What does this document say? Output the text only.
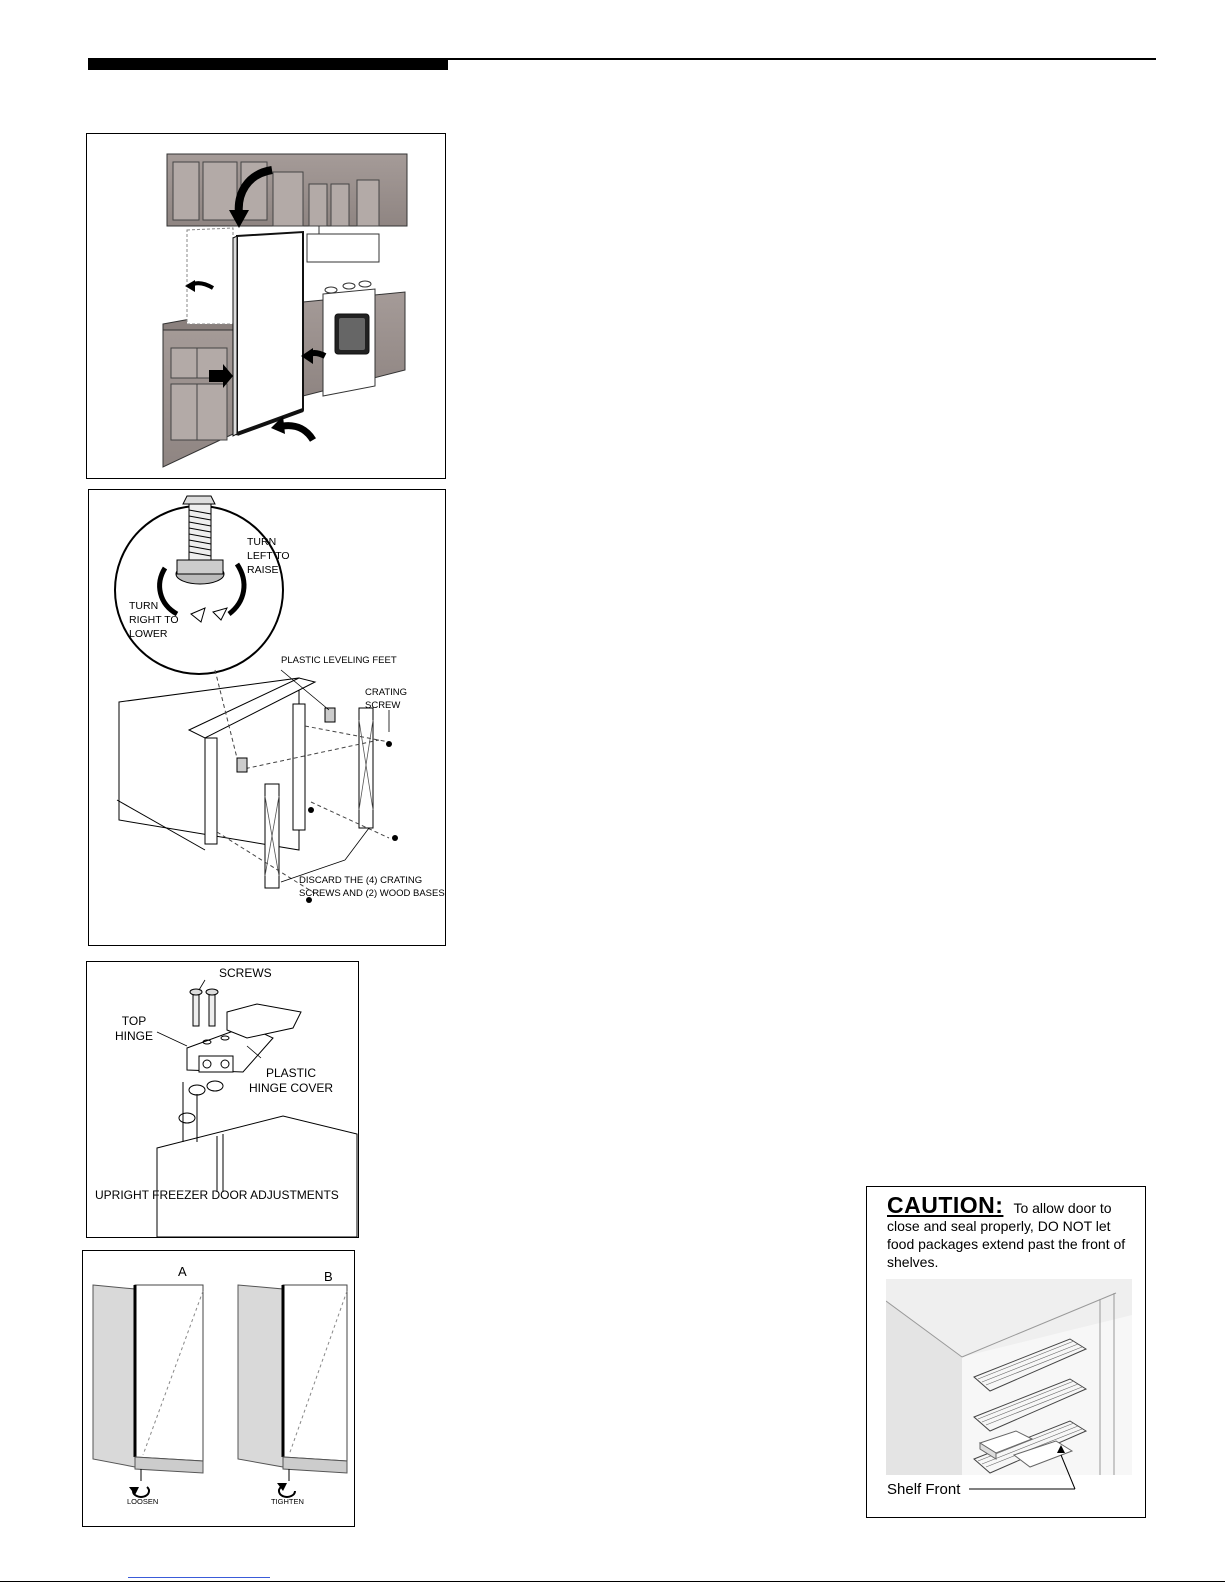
TURN
LEFT TO
RAISE
TURN
RIGHT TO
LOWER
PLASTIC LEVELING FEET
CRATING
SCREW
DISCARD THE (4) CRATING
SCREWS AND (2) WOOD BASES
SCREWS
TOP
HINGE
PLASTIC
HINGE COVER
UPRIGHT FREEZER DOOR ADJUSTMENTS
A	B
LOOSEN	TIGHTEN
CAUTION: To allow door to close and seal properly, DO NOT let food packages extend past the front of shelves.
Shelf Front
